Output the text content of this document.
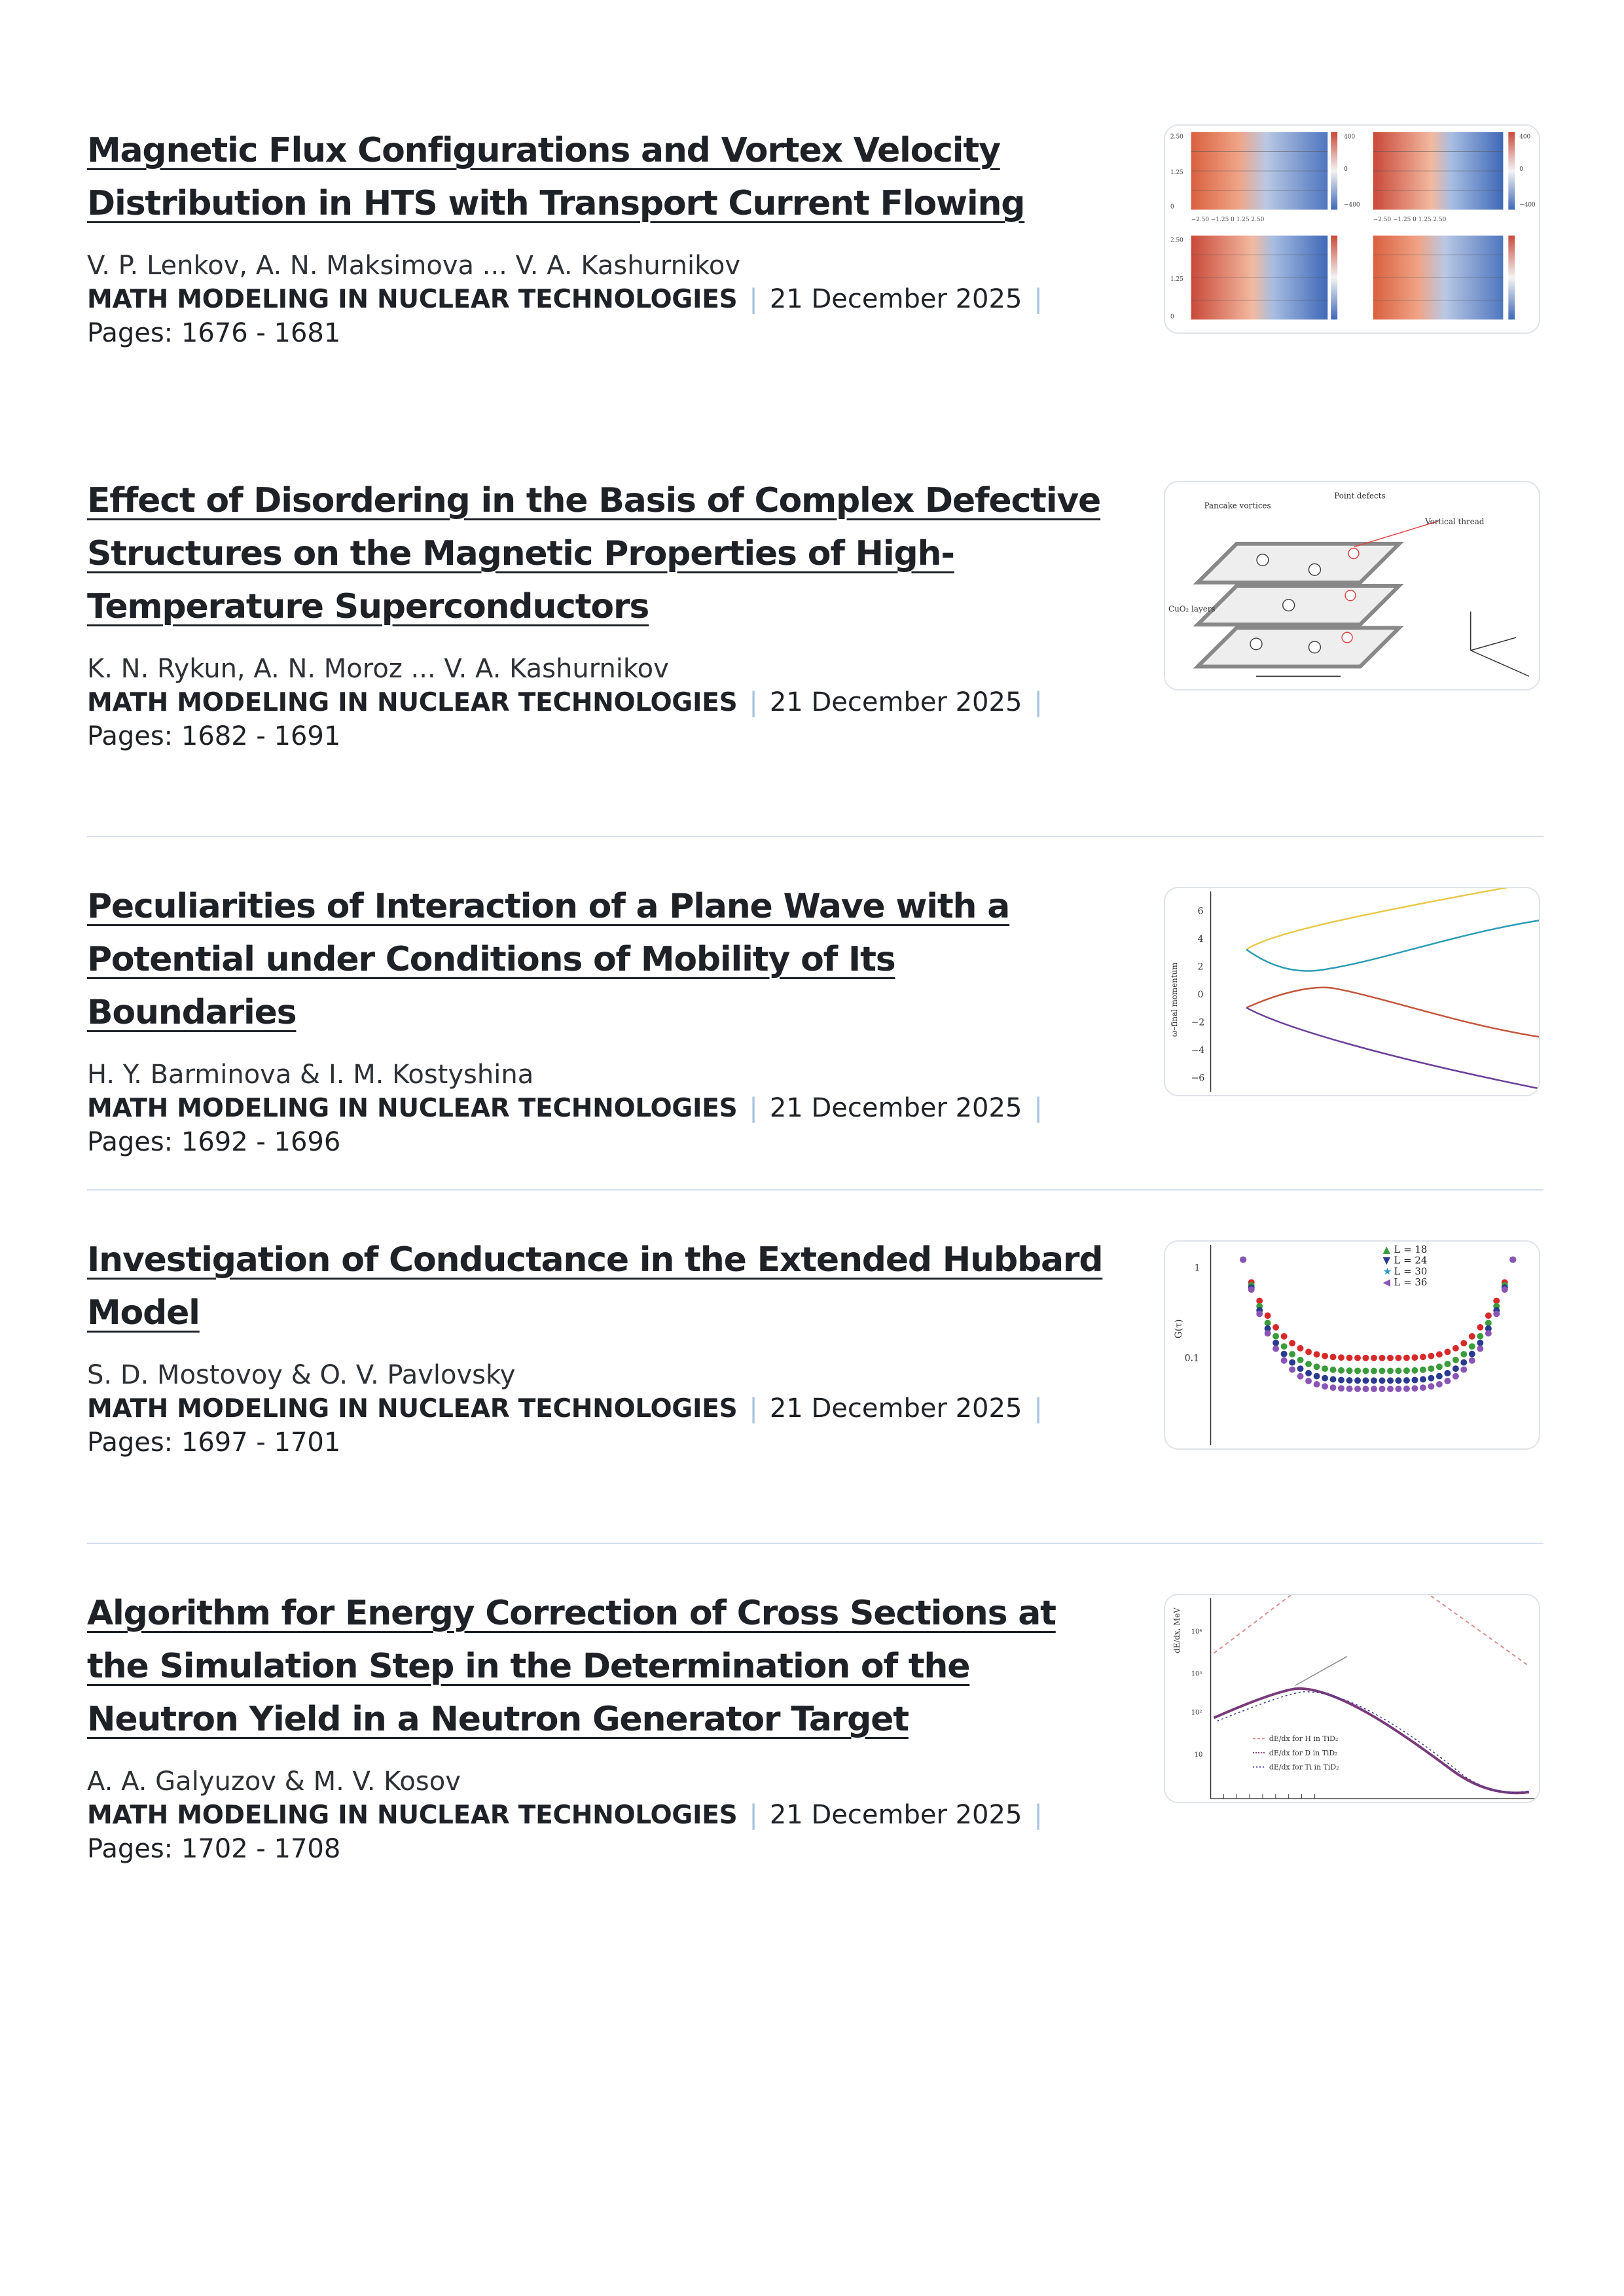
Magnetic Flux Configurations and Vortex Velocity Distribution in HTS with Transport Current Flowing
V. P. Lenkov, A. N. Maksimova ... V. A. Kashurnikov
MATH MODELING IN NUCLEAR TECHNOLOGIES | 21 December 2025 |
Pages: 1676 - 1681
2.50
1.25
0
2.50
1.25
0
400
0
−400
400
0
−400
−2.50 −1.25 0 1.25 2.50	−2.50 −1.25 0 1.25 2.50
Effect of Disordering in the Basis of Complex Defective Structures on the Magnetic Properties of High-Temperature Superconductors
K. N. Rykun, A. N. Moroz ... V. A. Kashurnikov
MATH MODELING IN NUCLEAR TECHNOLOGIES | 21 December 2025 |
Pages: 1682 - 1691
Pancake vortices
Point defects
Vortical thread
CuO₂ layers
Peculiarities of Interaction of a Plane Wave with a Potential under Conditions of Mobility of Its Boundaries
H. Y. Barminova & I. M. Kostyshina
MATH MODELING IN NUCLEAR TECHNOLOGIES | 21 December 2025 |
Pages: 1692 - 1696
6
4
2
0
−2
−4
−6
ω–final momentum
Investigation of Conductance in the Extended Hubbard Model
S. D. Mostovoy & O. V. Pavlovsky
MATH MODELING IN NUCLEAR TECHNOLOGIES | 21 December 2025 |
Pages: 1697 - 1701
1
0.1
G(τ)
▲ L = 18
▼ L = 24
★ L = 30
◀ L = 36
Algorithm for Energy Correction of Cross Sections at the Simulation Step in the Determination of the Neutron Yield in a Neutron Generator Target
A. A. Galyuzov & M. V. Kosov
MATH MODELING IN NUCLEAR TECHNOLOGIES | 21 December 2025 |
Pages: 1702 - 1708
dE/dx, MeV 10⁴
10³
10²
10
dE/dx for H in TiD₂
dE/dx for D in TiD₂
dE/dx for Ti in TiD₂
